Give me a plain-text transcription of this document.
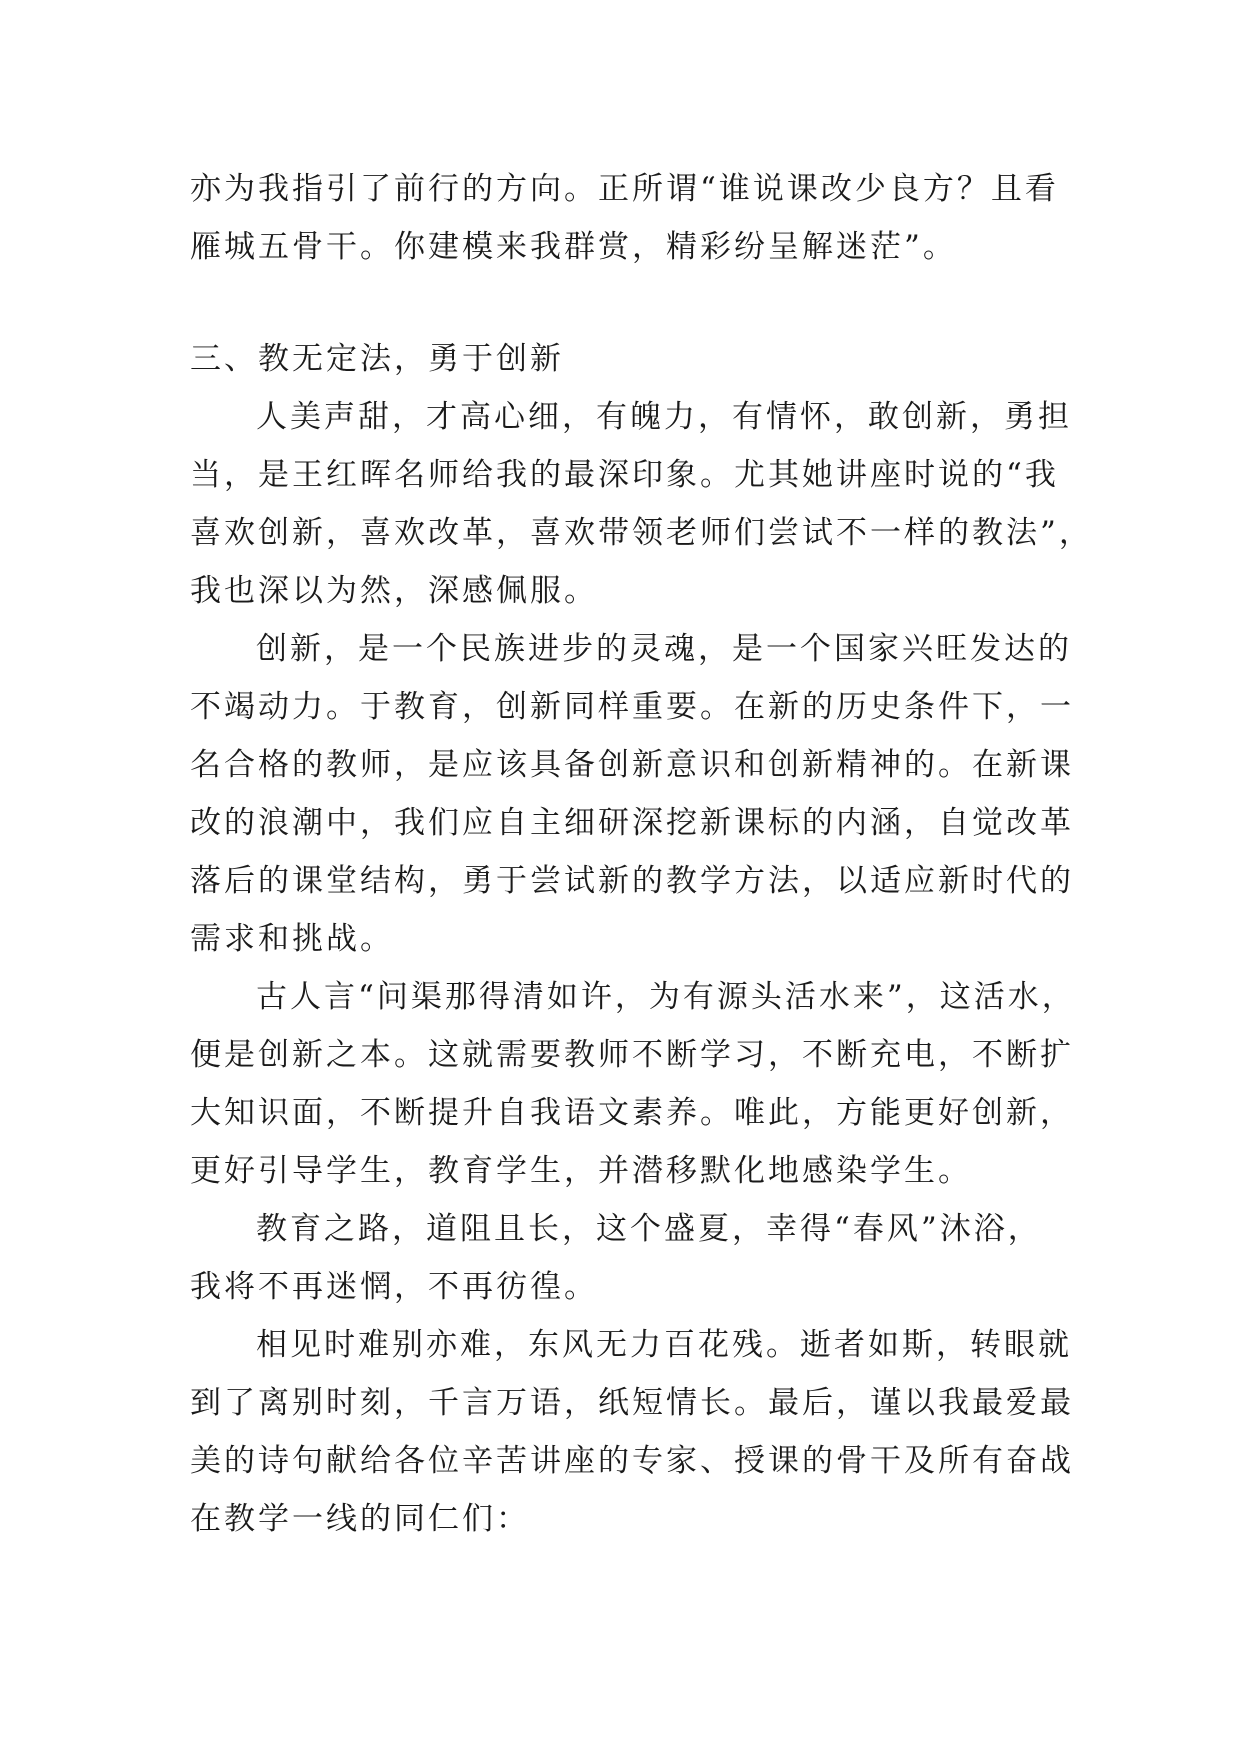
亦为我指引了前行的方向。正所谓“谁说课改少良方？且看
雁城五骨干。你建模来我群赏，精彩纷呈解迷茫”。

三、教无定法，勇于创新

人美声甜，才高心细，有魄力，有情怀，敢创新，勇担
当，是王红晖名师给我的最深印象。尤其她讲座时说的“我
喜欢创新，喜欢改革，喜欢带领老师们尝试不一样的教法”，
我也深以为然，深感佩服。

创新，是一个民族进步的灵魂，是一个国家兴旺发达的
不竭动力。于教育，创新同样重要。在新的历史条件下，一
名合格的教师，是应该具备创新意识和创新精神的。在新课
改的浪潮中，我们应自主细研深挖新课标的内涵，自觉改革
落后的课堂结构，勇于尝试新的教学方法，以适应新时代的
需求和挑战。

古人言“问渠那得清如许，为有源头活水来”，这活水，
便是创新之本。这就需要教师不断学习，不断充电，不断扩
大知识面，不断提升自我语文素养。唯此，方能更好创新，
更好引导学生，教育学生，并潜移默化地感染学生。

教育之路，道阻且长，这个盛夏，幸得“春风”沐浴，
我将不再迷惘，不再彷徨。

相见时难别亦难，东风无力百花残。逝者如斯，转眼就
到了离别时刻，千言万语，纸短情长。最后，谨以我最爱最
美的诗句献给各位辛苦讲座的专家、授课的骨干及所有奋战
在教学一线的同仁们：
